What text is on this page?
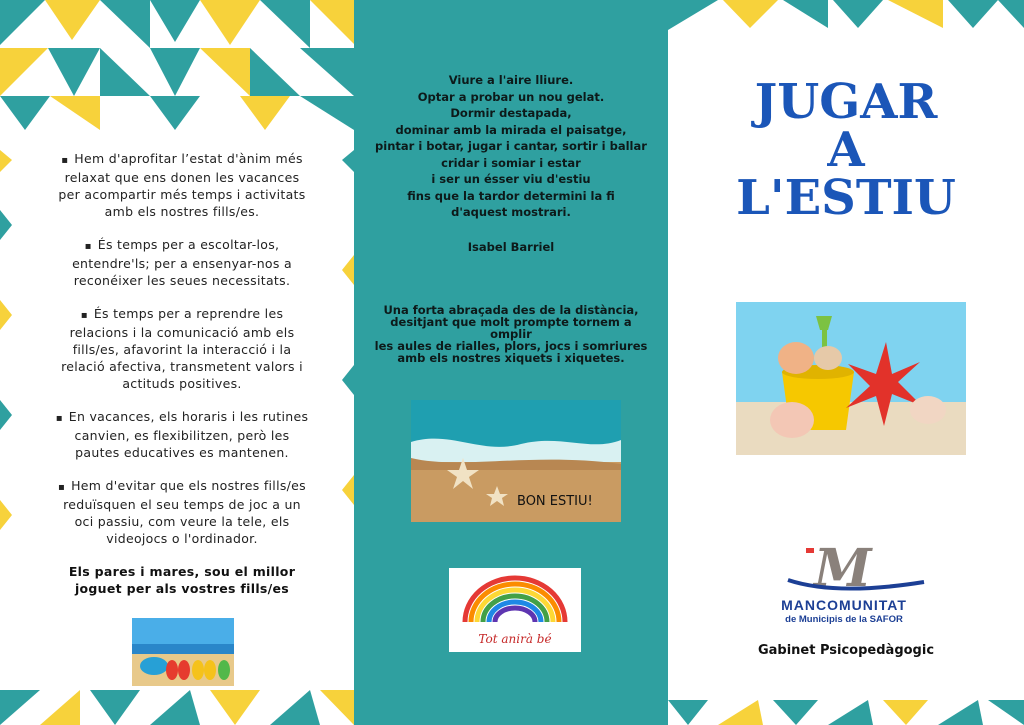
▪ Hem d'aprofitar l’estat d'ànim més relaxat que ens donen les vacances per acompartir més temps i activitats amb els nostres fills/es.

▪ És temps per a escoltar-los, entendre'ls; per a ensenyar-nos a reconéixer les seues necessitats.

▪ És temps per a reprendre les relacions i la comunicació amb els fills/es, afavorint la interacció i la relació afectiva, transmetent valors i actituds positives.

▪ En vacances, els horaris i les rutines canvien, es flexibilitzen, però les pautes educatives es mantenen.

▪ Hem d'evitar que els nostres fills/es reduïsquen el seu temps de joc a un oci passiu, com veure la tele, els videojocs o l'ordinador.

Els pares i mares, sou el millor
joguet per als vostres fills/es
Viure a l'aire lliure.
Optar a probar un nou gelat.
Dormir destapada,
dominar amb la mirada el paisatge,
pintar i botar, jugar i cantar, sortir i ballar
cridar i somiar i estar
i ser un ésser viu d'estiu
fins que la tardor determini la fi
d'aquest mostrari.
Isabel Barriel
Una forta abraçada des de la distància,
desitjant que molt prompte tornem a omplir
les aules de rialles, plors, jocs i somriures
amb els nostres xiquets i xiquetes.
BON ESTIU!
Tot anirà bé
JUGAR
A
L'ESTIU
M
MANCOMUNITAT
de Municipis de la SAFOR
Gabinet Psicopedàgogic
